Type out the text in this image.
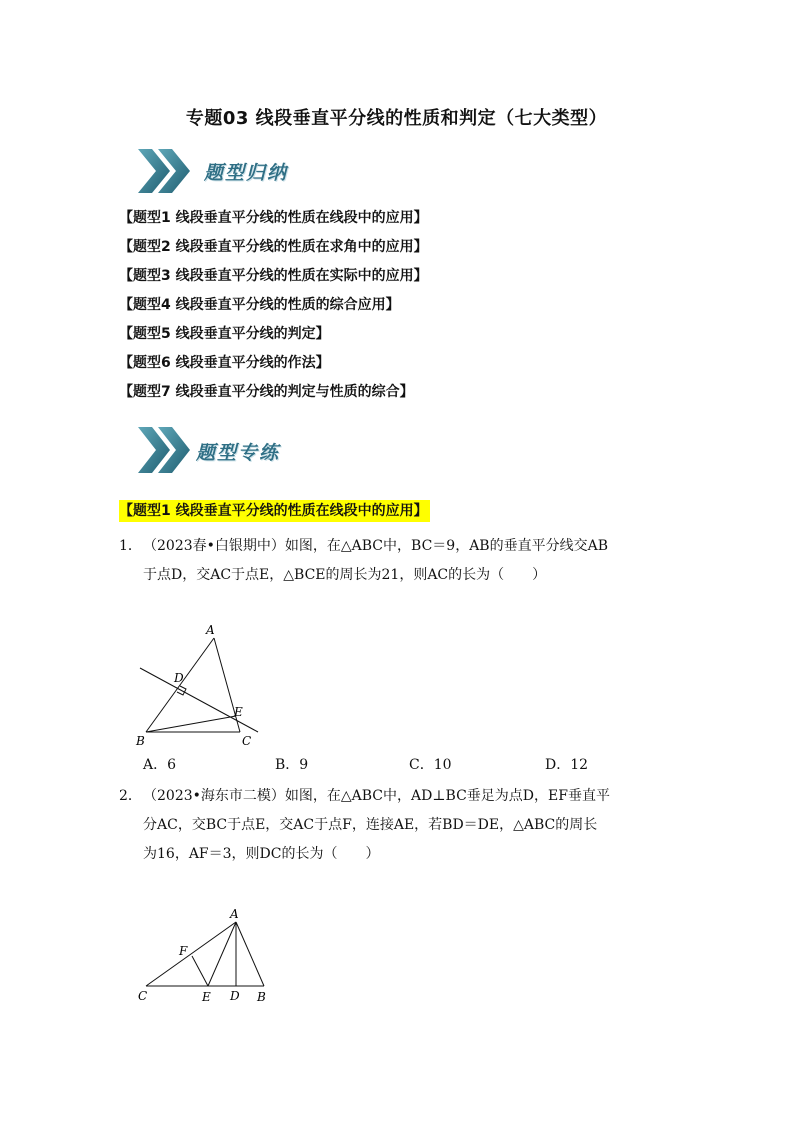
专题03 线段垂直平分线的性质和判定（七大类型）
题型归纳
【题型1 线段垂直平分线的性质在线段中的应用】
【题型2 线段垂直平分线的性质在求角中的应用】
【题型3 线段垂直平分线的性质在实际中的应用】
【题型4 线段垂直平分线的性质的综合应用】
【题型5 线段垂直平分线的判定】
【题型6 线段垂直平分线的作法】
【题型7 线段垂直平分线的判定与性质的综合】
题型专练
【题型1 线段垂直平分线的性质在线段中的应用】
1．（2023春•白银期中）如图，在△ABC中，BC＝9，AB的垂直平分线交AB
于点D，交AC于点E，△BCE的周长为21，则AC的长为（　　）
A
D
E
B	C
A．6	B．9	C．10	D．12
2．（2023•海东市二模）如图，在△ABC中，AD⊥BC垂足为点D，EF垂直平
分AC，交BC于点E，交AC于点F，连接AE，若BD＝DE，△ABC的周长
为16，AF＝3，则DC的长为（　　）
A
F
C	E D B
